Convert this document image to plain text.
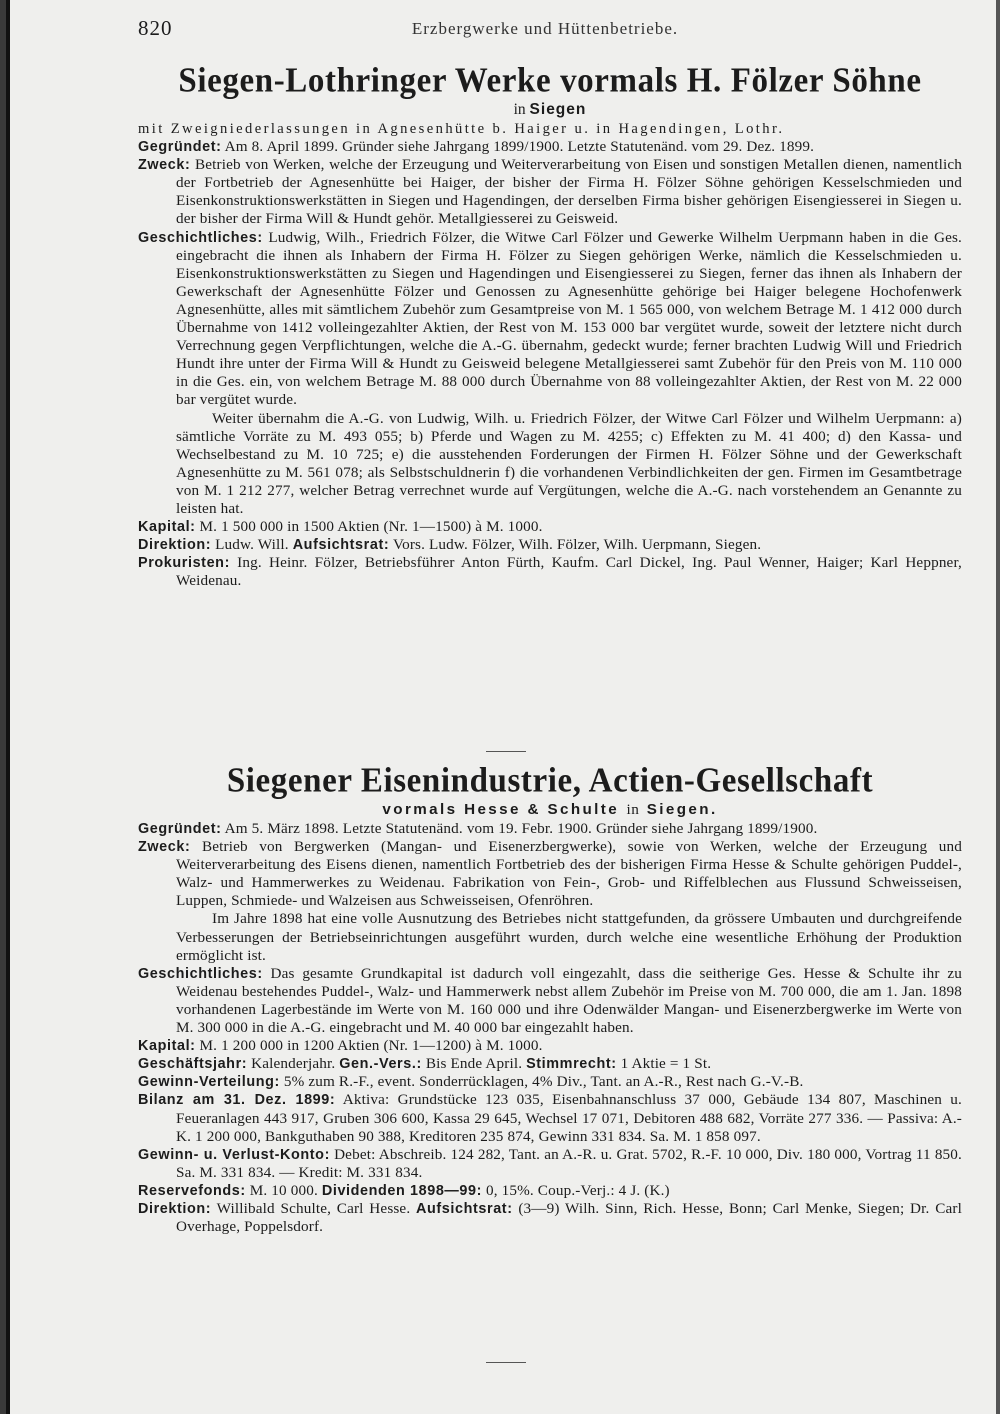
820	Erzbergwerke und Hüttenbetriebe.
Siegen-Lothringer Werke vormals H. Fölzer Söhne

in Siegen

mit Zweigniederlassungen in Agnesenhütte b. Haiger u. in Hagendingen, Lothr.

Gegründet: Am 8. April 1899. Gründer siehe Jahrgang 1899/1900. Letzte Statutenänd. vom 29. Dez. 1899.

Zweck: Betrieb von Werken, welche der Erzeugung und Weiterverarbeitung von Eisen und sonstigen Metallen dienen, namentlich der Fortbetrieb der Agnesenhütte bei Haiger, der bisher der Firma H. Fölzer Söhne gehörigen Kesselschmieden und Eisenkonstruktionswerkstätten in Siegen und Hagendingen, der derselben Firma bisher gehörigen Eisengiesserei in Siegen u. der bisher der Firma Will & Hundt gehör. Metallgiesserei zu Geisweid.

Geschichtliches: Ludwig, Wilh., Friedrich Fölzer, die Witwe Carl Fölzer und Gewerke Wilhelm Uerpmann haben in die Ges. eingebracht die ihnen als Inhabern der Firma H. Fölzer zu Siegen gehörigen Werke, nämlich die Kesselschmieden u. Eisenkonstruktionswerkstätten zu Siegen und Hagendingen und Eisengiesserei zu Siegen, ferner das ihnen als Inhabern der Gewerkschaft der Agnesenhütte Fölzer und Genossen zu Agnesenhütte gehörige bei Haiger belegene Hochofenwerk Agnesenhütte, alles mit sämtlichem Zubehör zum Gesamtpreise von M. 1 565 000, von welchem Betrage M. 1 412 000 durch Übernahme von 1412 volleingezahlter Aktien, der Rest von M. 153 000 bar vergütet wurde, soweit der letztere nicht durch Verrechnung gegen Verpflichtungen, welche die A.-G. übernahm, gedeckt wurde; ferner brachten Ludwig Will und Friedrich Hundt ihre unter der Firma Will & Hundt zu Geisweid belegene Metallgiesserei samt Zubehör für den Preis von M. 110 000 in die Ges. ein, von welchem Betrage M. 88 000 durch Übernahme von 88 volleingezahlter Aktien, der Rest von M. 22 000 bar vergütet wurde.

Weiter übernahm die A.-G. von Ludwig, Wilh. u. Friedrich Fölzer, der Witwe Carl Fölzer und Wilhelm Uerpmann: a) sämtliche Vorräte zu M. 493 055; b) Pferde und Wagen zu M. 4255; c) Effekten zu M. 41 400; d) den Kassa- und Wechselbestand zu M. 10 725; e) die ausstehenden Forderungen der Firmen H. Fölzer Söhne und der Gewerkschaft Agnesenhütte zu M. 561 078; als Selbstschuldnerin f) die vorhandenen Verbindlichkeiten der gen. Firmen im Gesamtbetrage von M. 1 212 277, welcher Betrag verrechnet wurde auf Vergütungen, welche die A.-G. nach vorstehendem an Genannte zu leisten hat.

Kapital: M. 1 500 000 in 1500 Aktien (Nr. 1—1500) à M. 1000.

Direktion: Ludw. Will. Aufsichtsrat: Vors. Ludw. Fölzer, Wilh. Fölzer, Wilh. Uerpmann, Siegen.

Prokuristen: Ing. Heinr. Fölzer, Betriebsführer Anton Fürth, Kaufm. Carl Dickel, Ing. Paul Wenner, Haiger; Karl Heppner, Weidenau.

Siegener Eisenindustrie, Actien-Gesellschaft

vormals Hesse & Schulte in Siegen.

Gegründet: Am 5. März 1898. Letzte Statutenänd. vom 19. Febr. 1900. Gründer siehe Jahrgang 1899/1900.

Zweck: Betrieb von Bergwerken (Mangan- und Eisenerzbergwerke), sowie von Werken, welche der Erzeugung und Weiterverarbeitung des Eisens dienen, namentlich Fortbetrieb des der bisherigen Firma Hesse & Schulte gehörigen Puddel-, Walz- und Hammerwerkes zu Weidenau. Fabrikation von Fein-, Grob- und Riffelblechen aus Flussund Schweisseisen, Luppen, Schmiede- und Walzeisen aus Schweisseisen, Ofenröhren.

Im Jahre 1898 hat eine volle Ausnutzung des Betriebes nicht stattgefunden, da grössere Umbauten und durchgreifende Verbesserungen der Betriebseinrichtungen ausgeführt wurden, durch welche eine wesentliche Erhöhung der Produktion ermöglicht ist.

Geschichtliches: Das gesamte Grundkapital ist dadurch voll eingezahlt, dass die seitherige Ges. Hesse & Schulte ihr zu Weidenau bestehendes Puddel-, Walz- und Hammerwerk nebst allem Zubehör im Preise von M. 700 000, die am 1. Jan. 1898 vorhandenen Lagerbestände im Werte von M. 160 000 und ihre Odenwälder Mangan- und Eisenerzbergwerke im Werte von M. 300 000 in die A.-G. eingebracht und M. 40 000 bar eingezahlt haben.

Kapital: M. 1 200 000 in 1200 Aktien (Nr. 1—1200) à M. 1000.

Geschäftsjahr: Kalenderjahr. Gen.-Vers.: Bis Ende April. Stimmrecht: 1 Aktie = 1 St.

Gewinn-Verteilung: 5% zum R.-F., event. Sonderrücklagen, 4% Div., Tant. an A.-R., Rest nach G.-V.-B.

Bilanz am 31. Dez. 1899: Aktiva: Grundstücke 123 035, Eisenbahnanschluss 37 000, Gebäude 134 807, Maschinen u. Feueranlagen 443 917, Gruben 306 600, Kassa 29 645, Wechsel 17 071, Debitoren 488 682, Vorräte 277 336. — Passiva: A.-K. 1 200 000, Bankguthaben 90 388, Kreditoren 235 874, Gewinn 331 834. Sa. M. 1 858 097.

Gewinn- u. Verlust-Konto: Debet: Abschreib. 124 282, Tant. an A.-R. u. Grat. 5702, R.-F. 10 000, Div. 180 000, Vortrag 11 850. Sa. M. 331 834. — Kredit: M. 331 834.

Reservefonds: M. 10 000. Dividenden 1898—99: 0, 15%. Coup.-Verj.: 4 J. (K.)

Direktion: Willibald Schulte, Carl Hesse. Aufsichtsrat: (3—9) Wilh. Sinn, Rich. Hesse, Bonn; Carl Menke, Siegen; Dr. Carl Overhage, Poppelsdorf.
